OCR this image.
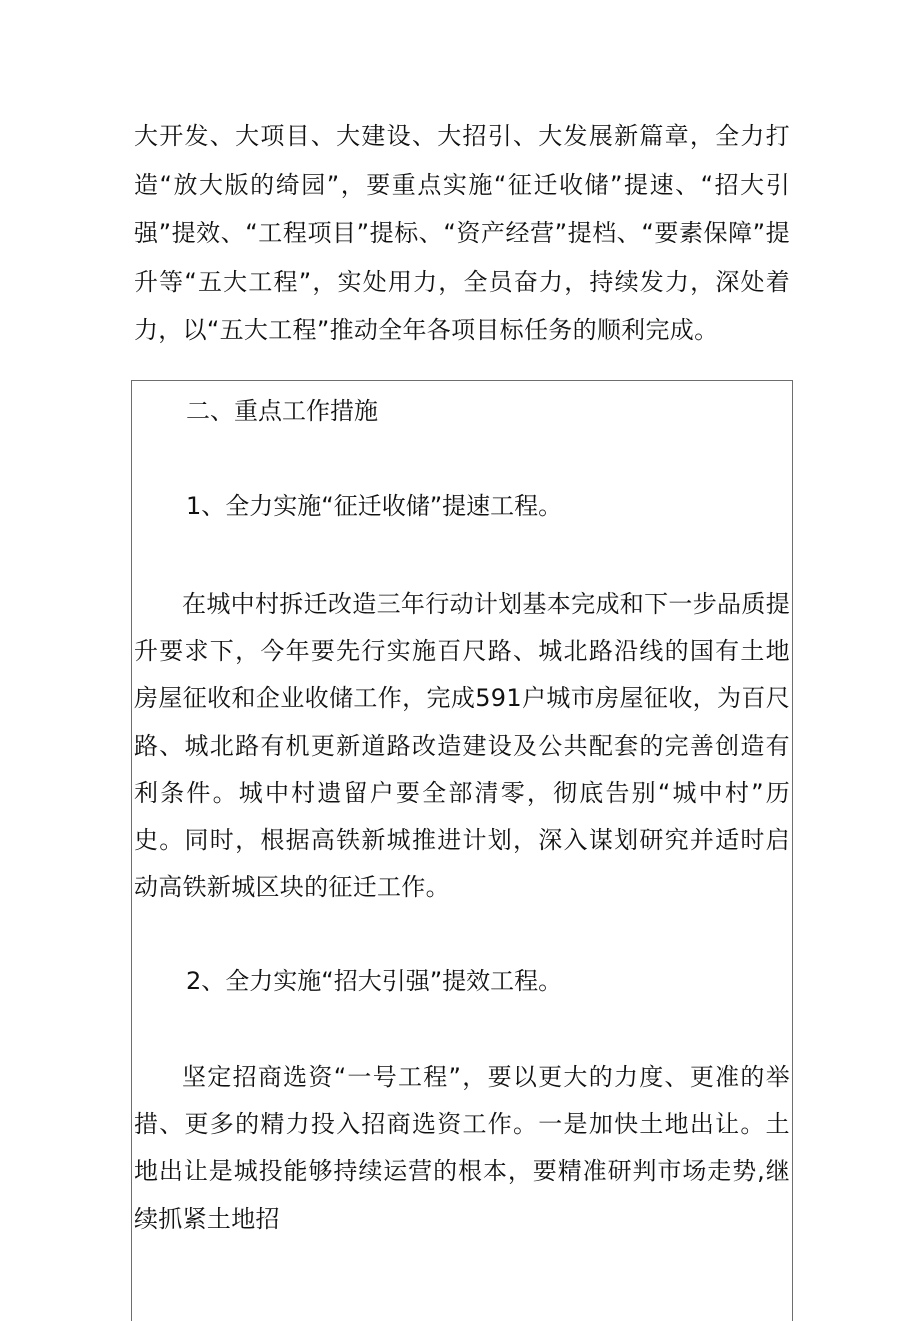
大开发、大项目、大建设、大招引、大发展新篇章，全力打造“放大版的绮园”，要重点实施“征迁收储”提速、“招大引强”提效、“工程项目”提标、“资产经营”提档、“要素保障”提升等“五大工程”，实处用力，全员奋力，持续发力，深处着力，以“五大工程”推动全年各项目标任务的顺利完成。

二、重点工作措施
1、全力实施“征迁收储”提速工程。

在城中村拆迁改造三年行动计划基本完成和下一步品质提升要求下，今年要先行实施百尺路、城北路沿线的国有土地房屋征收和企业收储工作，完成591户城市房屋征收，为百尺路、城北路有机更新道路改造建设及公共配套的完善创造有利条件。城中村遗留户要全部清零，彻底告别“城中村”历史。同时，根据高铁新城推进计划，深入谋划研究并适时启动高铁新城区块的征迁工作。

2、全力实施“招大引强”提效工程。

坚定招商选资“一号工程”，要以更大的力度、更准的举措、更多的精力投入招商选资工作。一是加快土地出让。土地出让是城投能够持续运营的根本，要精准研判市场走势,继续抓紧土地招
